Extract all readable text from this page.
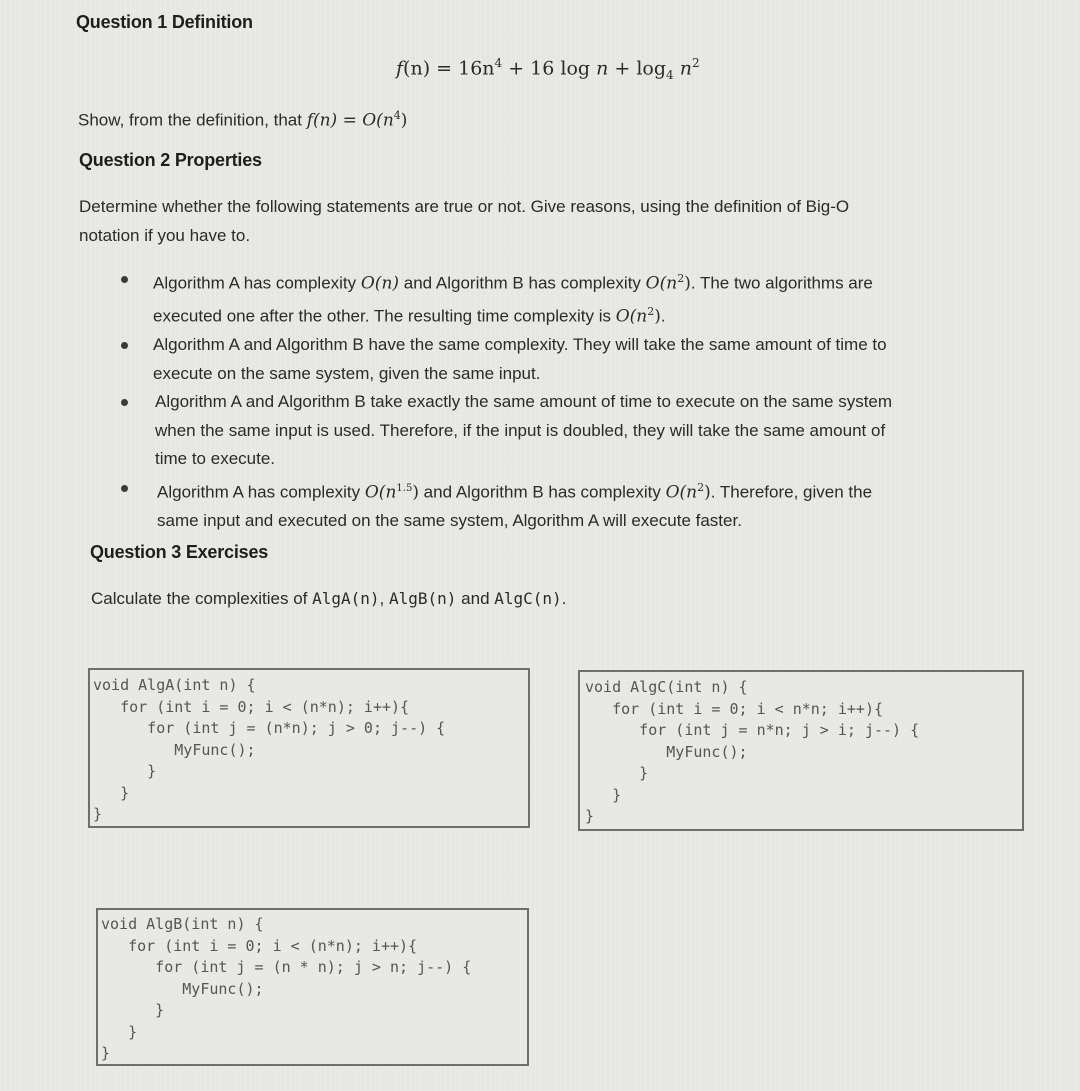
Question 1 Definition
$f(n) = 16n^4 + 16$ $\log n + \log_4 n^2$
Show, from the definition, that $f(n) = O(n^4)$
Question 2 Properties
Determine whether the following statements are true or not. Give reasons, using the definition of Big-O
notation if you have to.
Algorithm A has complexity O(n) and Algorithm B has complexity $O(n^2)$. The two algorithms are
executed one after the other. The resulting time complexity is $O(n^2)$.
Algorithm A and Algorithm B have the same complexity. They will take the same amount of time to
execute on the same system, given the same input.
Algorithm A and Algorithm B take exactly the same amount of time to execute on the same system
when the same input is used. Therefore, if the input is doubled, they will take the same amount of
time to execute.
Algorithm A has complexity $O(n^{1.5})$ and Algorithm B has complexity $O(n^2)$. Therefore, given the
same input and executed on the same system, Algorithm A will execute faster.
Question 3 Exercises
Calculate the complexities of AlgA(n), AlgB(n) and AlgC(n).
void AlgA(int n) {
for (int i = 0; i < (n*n); i++){
for (int j = (n*n); j > 0; j--) {
MyFunc();
}
}
}
void AlgC(int n) {
for (int i = 0; i < n*n; i++){
for (int j = n*n; j > i; j--) {
MyFunc();
}
}
}
void AlgB(int n) {
for (int i = 0; i < (n*n); i++){
for (int j = (n * n); j > n; j--) {
MyFunc();
}
}
}
